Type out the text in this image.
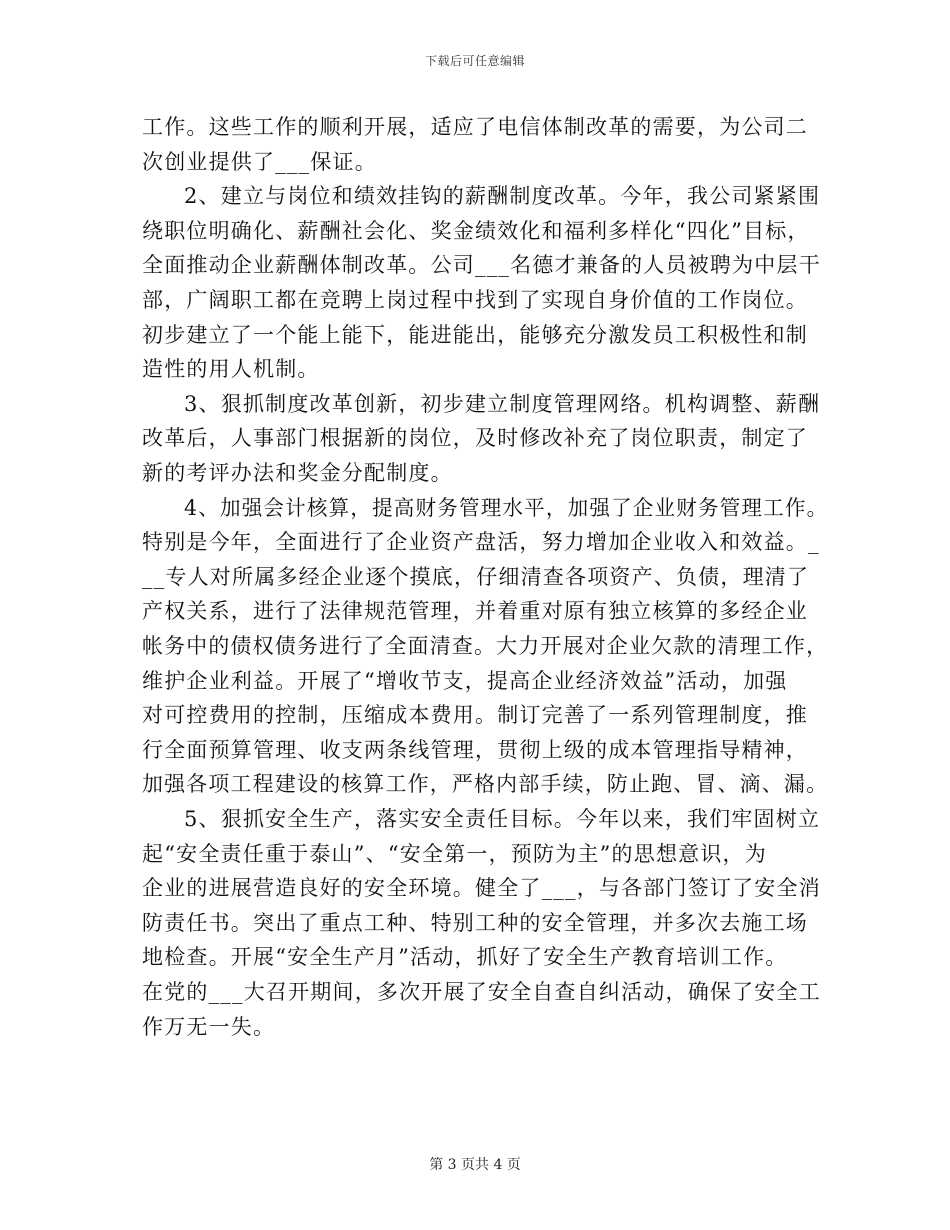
下载后可任意编辑
工作。这些工作的顺利开展，适应了电信体制改革的需要，为公司二
次创业提供了___保证。
2、建立与岗位和绩效挂钩的薪酬制度改革。今年，我公司紧紧围
绕职位明确化、薪酬社会化、奖金绩效化和福利多样化“四化”目标，
全面推动企业薪酬体制改革。公司___名德才兼备的人员被聘为中层干
部，广阔职工都在竞聘上岗过程中找到了实现自身价值的工作岗位。
初步建立了一个能上能下，能进能出，能够充分激发员工积极性和制
造性的用人机制。
3、狠抓制度改革创新，初步建立制度管理网络。机构调整、薪酬
改革后，人事部门根据新的岗位，及时修改补充了岗位职责，制定了
新的考评办法和奖金分配制度。
4、加强会计核算，提高财务管理水平，加强了企业财务管理工作。
特别是今年，全面进行了企业资产盘活，努力增加企业收入和效益。_
__专人对所属多经企业逐个摸底，仔细清查各项资产、负债，理清了
产权关系，进行了法律规范管理，并着重对原有独立核算的多经企业
帐务中的债权债务进行了全面清查。大力开展对企业欠款的清理工作，
维护企业利益。开展了“增收节支，提高企业经济效益”活动，加强
对可控费用的控制，压缩成本费用。制订完善了一系列管理制度，推
行全面预算管理、收支两条线管理，贯彻上级的成本管理指导精神，
加强各项工程建设的核算工作，严格内部手续，防止跑、冒、滴、漏。
5、狠抓安全生产，落实安全责任目标。今年以来，我们牢固树立
起“安全责任重于泰山”、“安全第一，预防为主”的思想意识，为
企业的进展营造良好的安全环境。健全了___，与各部门签订了安全消
防责任书。突出了重点工种、特别工种的安全管理，并多次去施工场
地检查。开展“安全生产月”活动，抓好了安全生产教育培训工作。
在党的___大召开期间，多次开展了安全自查自纠活动，确保了安全工
作万无一失。
第 3 页共 4 页
